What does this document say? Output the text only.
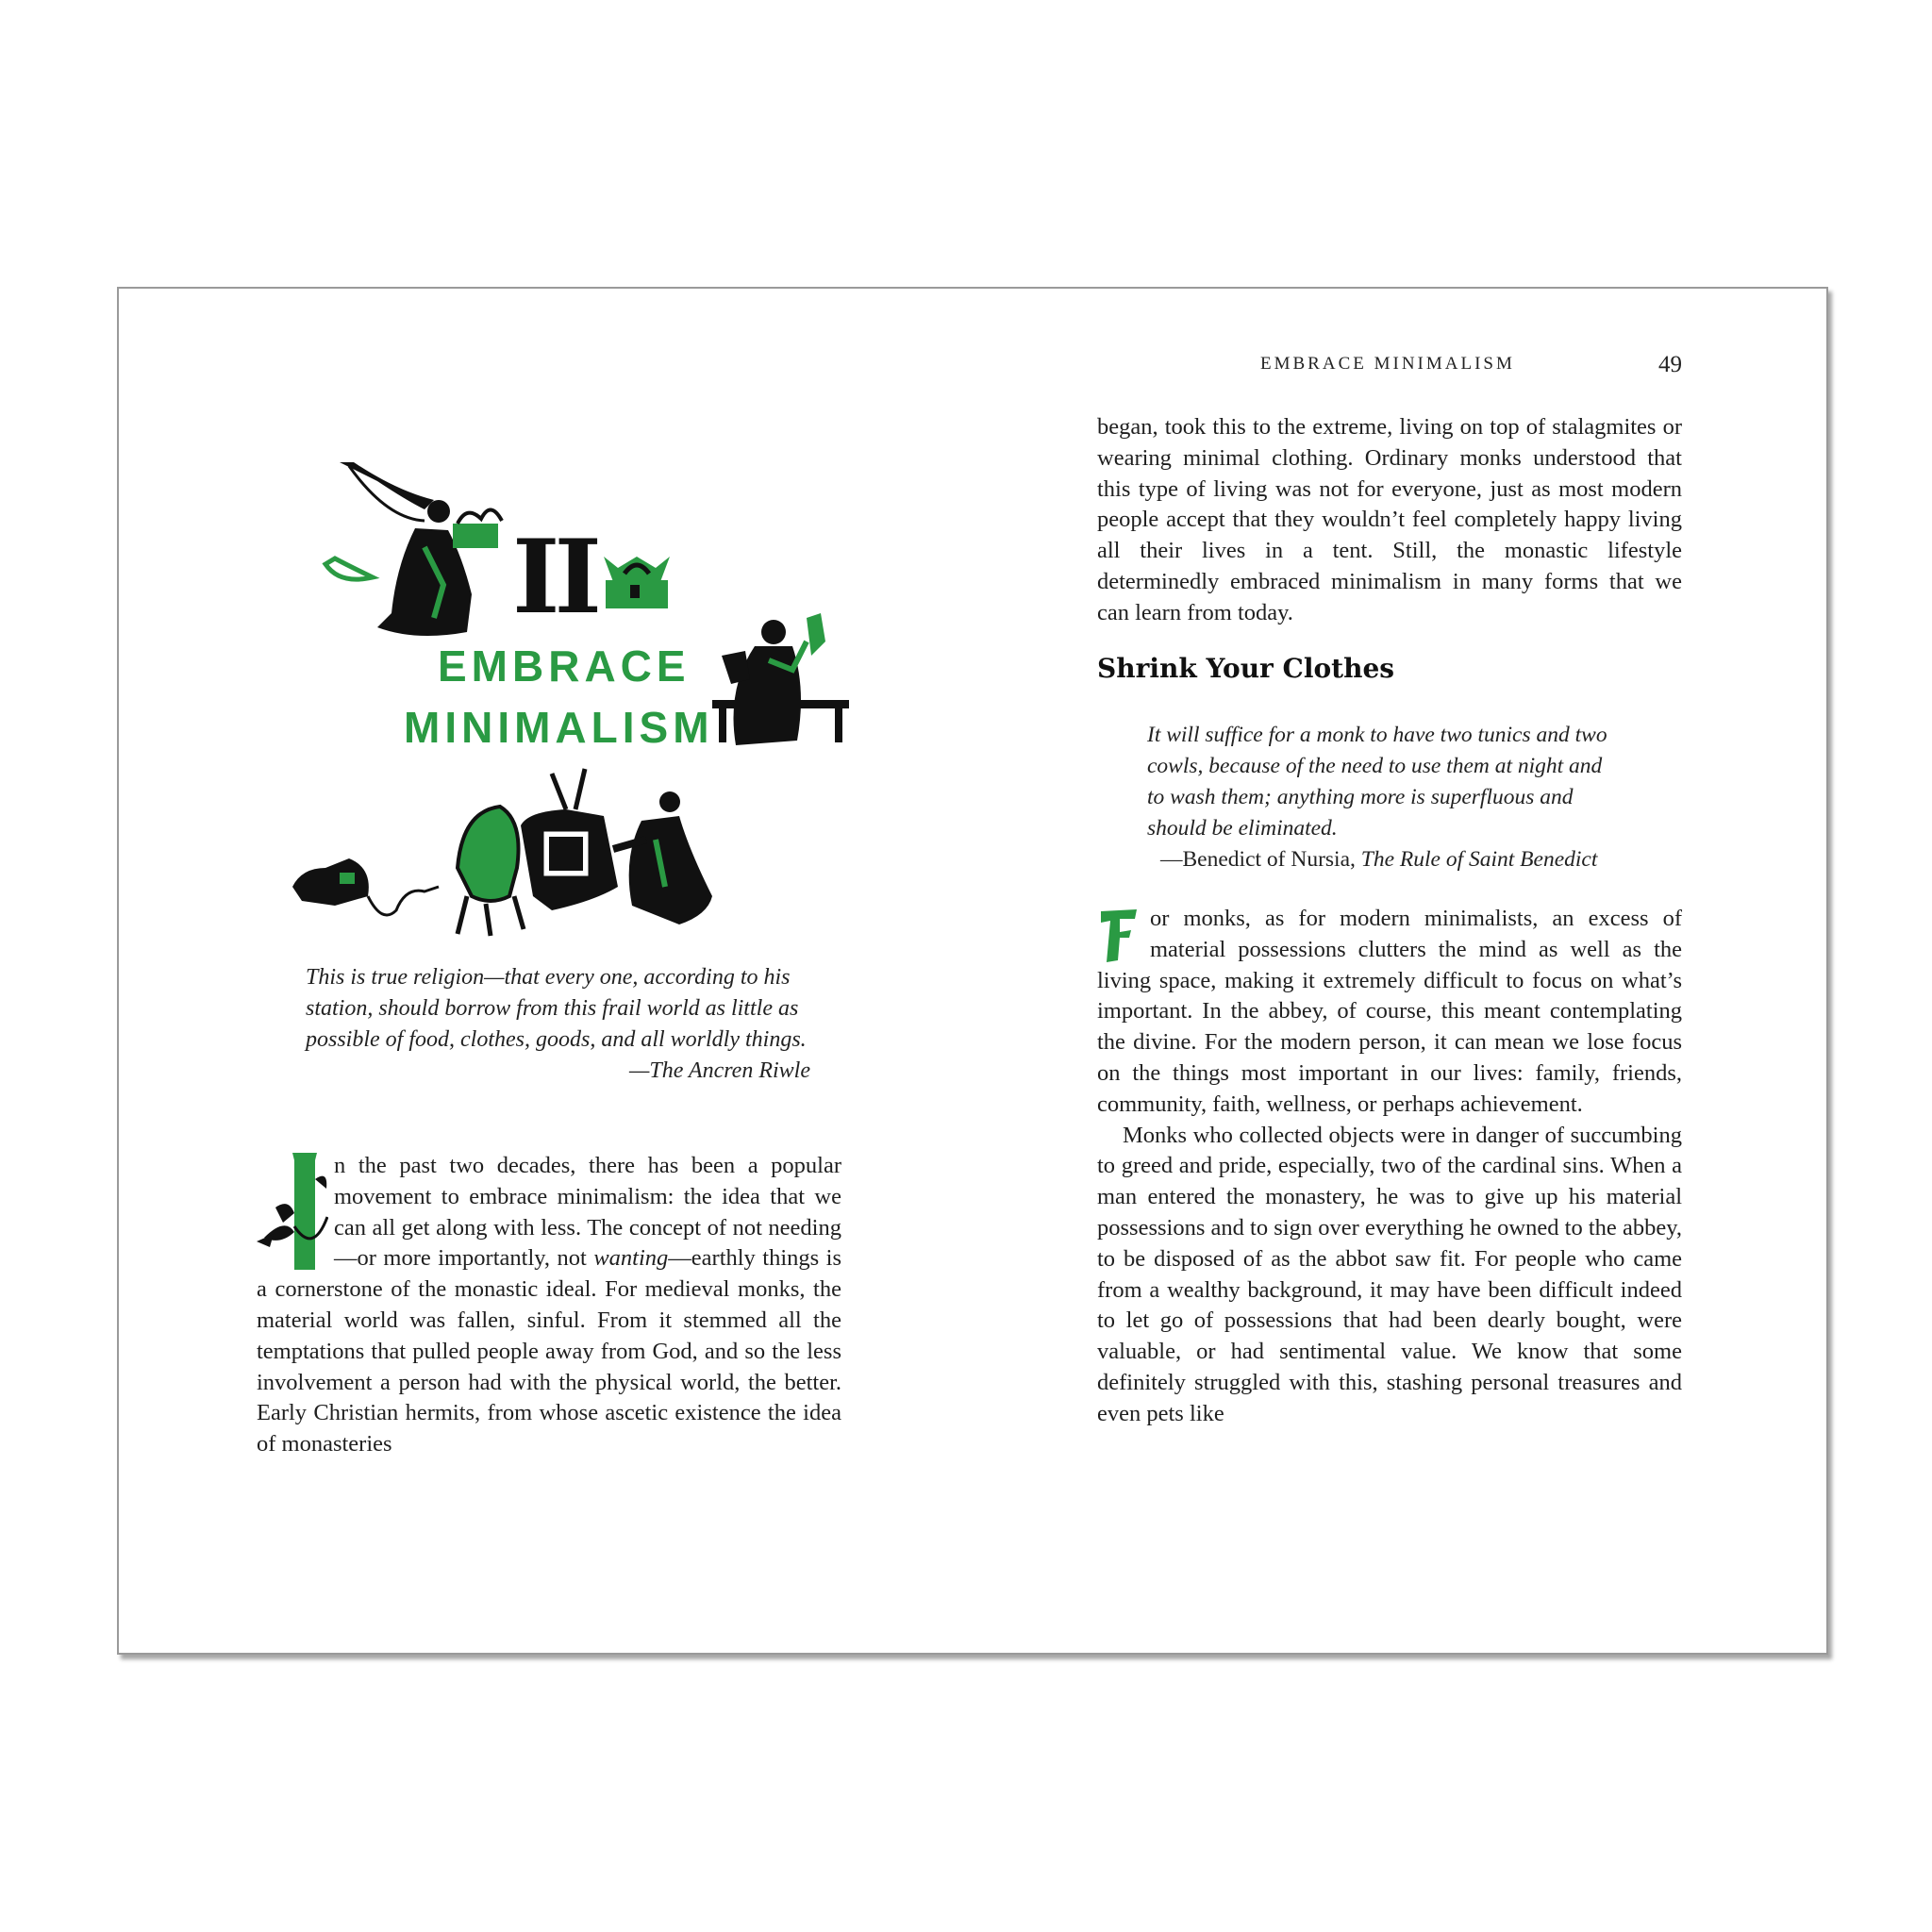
EMBRACE MINIMALISM	49
II
EMBRACE
MINIMALISM
This is true religion—that every one, according to his
station, should borrow from this frail world as little as
possible of food, clothes, goods, and all worldly things.
—The Ancren Riwle
n the past two decades, there has been a popular movement to embrace minimalism: the idea that we can all get along with less. The concept of not needing—or more importantly, not wanting—earthly things is a cornerstone of the monastic ideal. For medieval monks, the material world was fallen, sinful. From it stemmed all the temptations that pulled people away from God, and so the less involvement a person had with the physical world, the better. Early Christian hermits, from whose ascetic existence the idea of monasteries
began, took this to the extreme, living on top of stalagmites or wearing minimal clothing. Ordinary monks understood that this type of living was not for everyone, just as most modern people accept that they wouldn’t feel completely happy living all their lives in a tent. Still, the monastic lifestyle determinedly embraced minimalism in many forms that we can learn from today.
Shrink Your Clothes
It will suffice for a monk to have two tunics and two
cowls, because of the need to use them at night and
to wash them; anything more is superfluous and
should be eliminated.
—Benedict of Nursia, The Rule of Saint Benedict

or monks, as for modern minimalists, an excess of material possessions clutters the mind as well as the living space, making it extremely difficult to focus on what’s important. In the abbey, of course, this meant contemplating the divine. For the modern person, it can mean we lose focus on the things most important in our lives: family, friends, community, faith, wellness, or perhaps achievement.

Monks who collected objects were in danger of succumbing to greed and pride, especially, two of the cardinal sins. When a man entered the monastery, he was to give up his material possessions and to sign over everything he owned to the abbey, to be disposed of as the abbot saw fit. For people who came from a wealthy background, it may have been difficult indeed to let go of possessions that had been dearly bought, were valuable, or had sentimental value. We know that some definitely struggled with this, stashing personal treasures and even pets like
